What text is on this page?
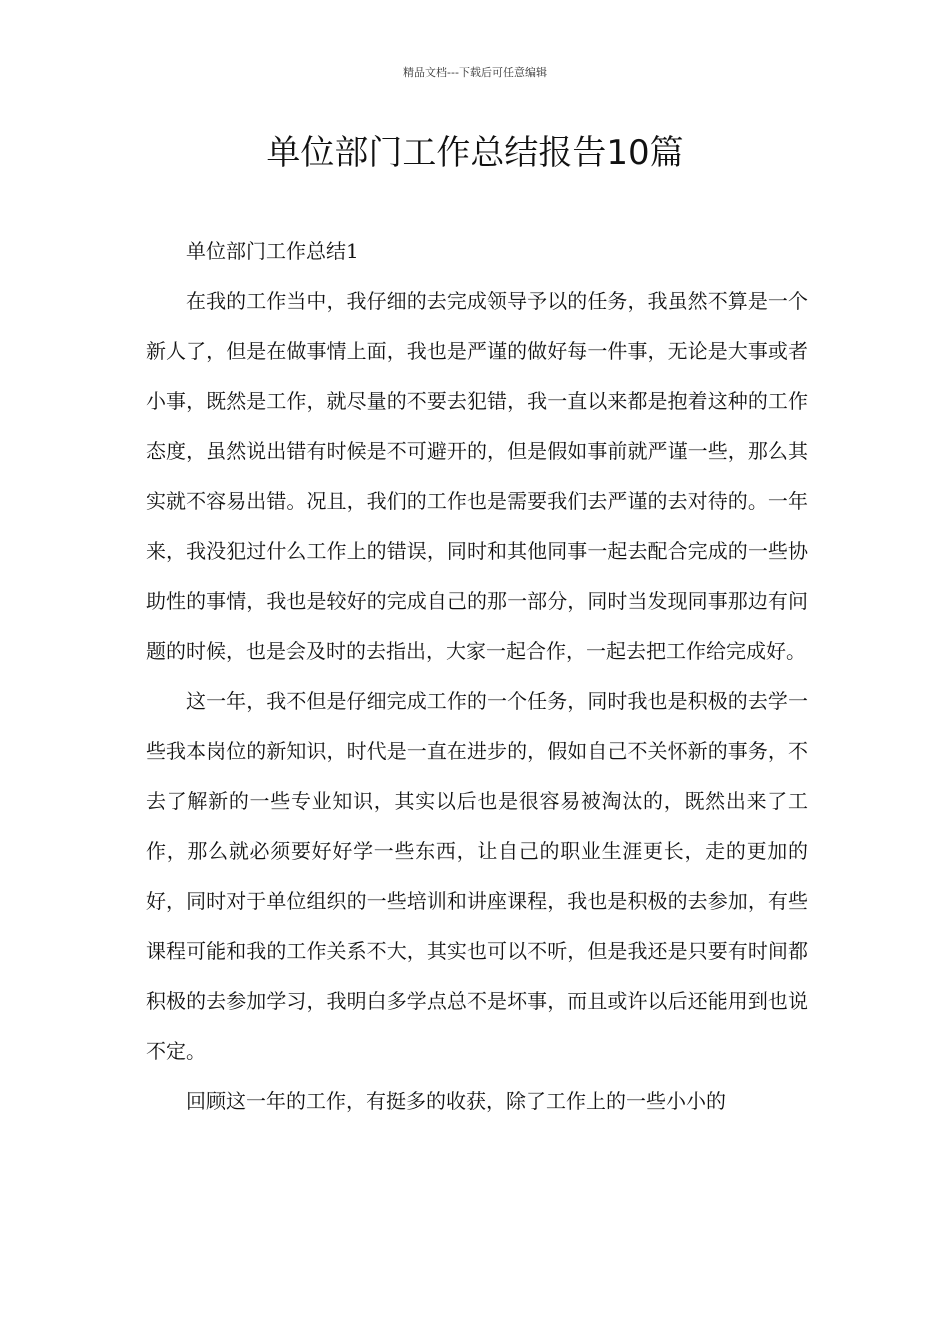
精品文档---下载后可任意编辑
单位部门工作总结报告10篇

单位部门工作总结1

在我的工作当中，我仔细的去完成领导予以的任务，我虽然不算是一个新人了，但是在做事情上面，我也是严谨的做好每一件事，无论是大事或者小事，既然是工作，就尽量的不要去犯错，我一直以来都是抱着这种的工作态度，虽然说出错有时候是不可避开的，但是假如事前就严谨一些，那么其实就不容易出错。况且，我们的工作也是需要我们去严谨的去对待的。一年来，我没犯过什么工作上的错误，同时和其他同事一起去配合完成的一些协助性的事情，我也是较好的完成自己的那一部分，同时当发现同事那边有问题的时候，也是会及时的去指出，大家一起合作，一起去把工作给完成好。

这一年，我不但是仔细完成工作的一个任务，同时我也是积极的去学一些我本岗位的新知识，时代是一直在进步的，假如自己不关怀新的事务，不去了解新的一些专业知识，其实以后也是很容易被淘汰的，既然出来了工作，那么就必须要好好学一些东西，让自己的职业生涯更长，走的更加的好，同时对于单位组织的一些培训和讲座课程，我也是积极的去参加，有些课程可能和我的工作关系不大，其实也可以不听，但是我还是只要有时间都积极的去参加学习，我明白多学点总不是坏事，而且或许以后还能用到也说不定。

回顾这一年的工作，有挺多的收获，除了工作上的一些小小的
